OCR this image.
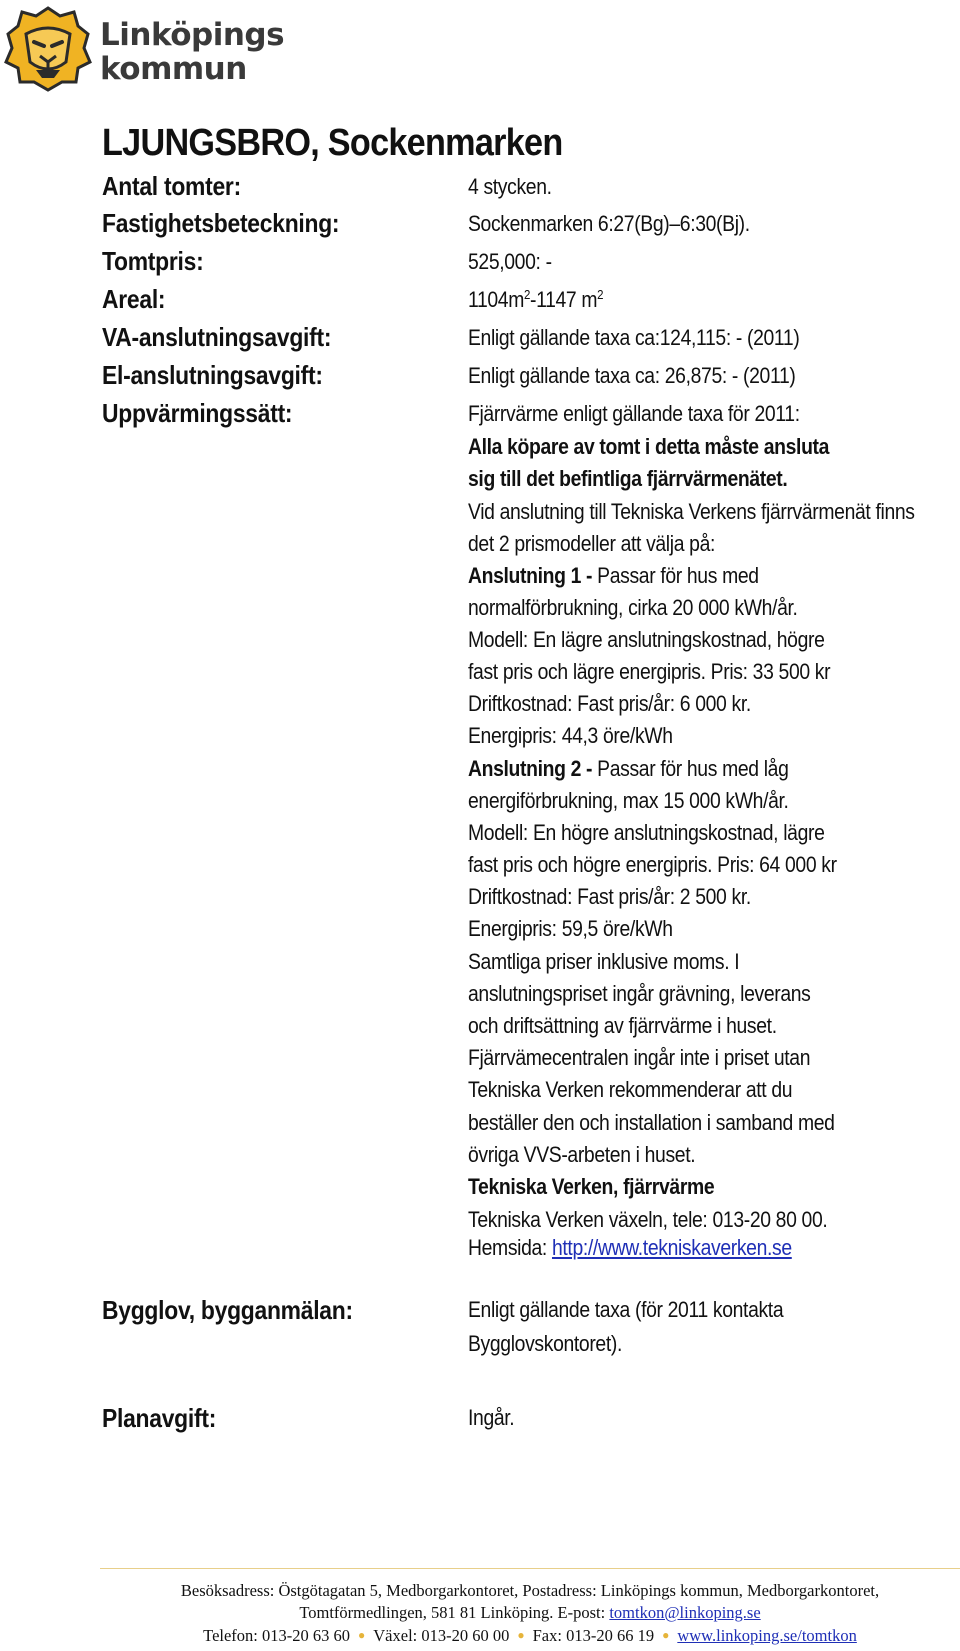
Linköpings
kommun
LJUNGSBRO, Sockenmarken
Antal tomter:
Fastighetsbeteckning:
Tomtpris:
Areal:
VA-anslutningsavgift:
El-anslutningsavgift:
Uppvärmingssätt:
Bygglov, bygganmälan:
Planavgift:
4 stycken.
Sockenmarken 6:27(Bg)–6:30(Bj).
525,000: -
$1104m^2-1147$ $m^2$
Enligt gällande taxa ca:124,115: - (2011)
Enligt gällande taxa ca: 26,875: - (2011)
Fjärrvärme enligt gällande taxa för 2011:
Alla köpare av tomt i detta måste ansluta
sig till det befintliga fjärrvärmenätet.
Vid anslutning till Tekniska Verkens fjärrvärmenät finns
det 2 prismodeller att välja på:
Anslutning 1 - Passar för hus med
normalförbrukning, cirka 20 000 kWh/år.
Modell: En lägre anslutningskostnad, högre
fast pris och lägre energipris. Pris: 33 500 kr
Driftkostnad: Fast pris/år: 6 000 kr.
Energipris: 44,3 öre/kWh
Anslutning 2 - Passar för hus med låg
energiförbrukning, max 15 000 kWh/år.
Modell: En högre anslutningskostnad, lägre
fast pris och högre energipris. Pris: 64 000 kr
Driftkostnad: Fast pris/år: 2 500 kr.
Energipris: 59,5 öre/kWh
Samtliga priser inklusive moms. I
anslutningspriset ingår grävning, leverans
och driftsättning av fjärrvärme i huset.
Fjärrvämecentralen ingår inte i priset utan
Tekniska Verken rekommenderar att du
beställer den och installation i samband med
övriga VVS-arbeten i huset.
Tekniska Verken, fjärrvärme
Tekniska Verken växeln, tele: 013-20 80 00.
Hemsida: http://www.tekniskaverken.se
Enligt gällande taxa (för 2011 kontakta
Bygglovskontoret).
Ingår.
Besöksadress: Östgötagatan 5, Medborgarkontoret, Postadress: Linköpings kommun, Medborgarkontoret,
Tomtförmedlingen, 581 81 Linköping. E-post: tomtkon@linkoping.se
Telefon: 013-20 63 60 ● Växel: 013-20 60 00 ● Fax: 013-20 66 19 ● www.linkoping.se/tomtkon
